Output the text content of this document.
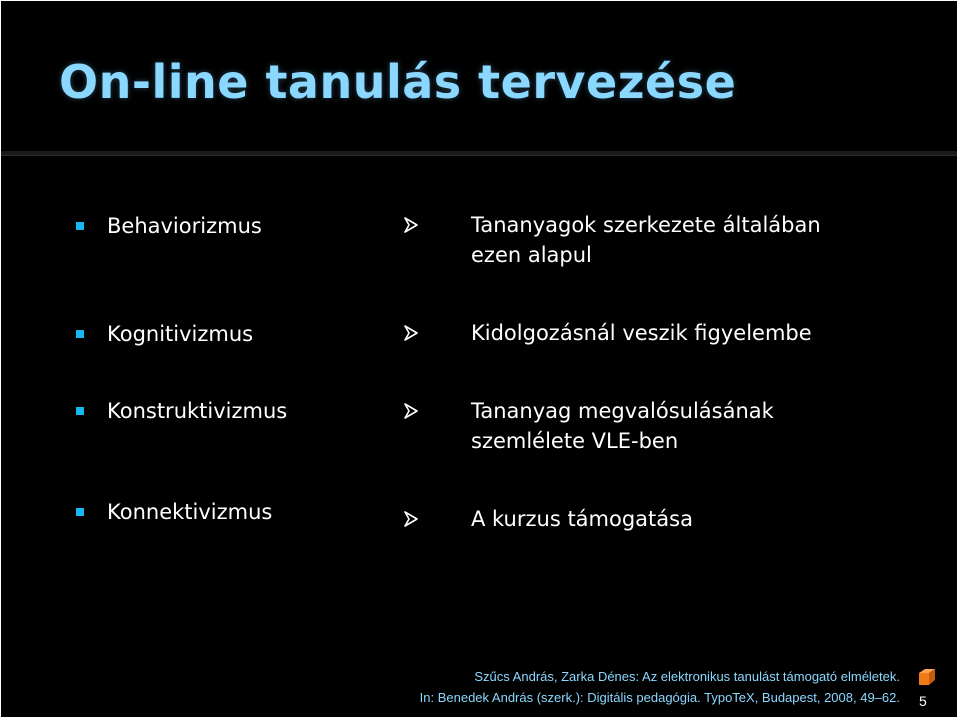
On-line tanulás tervezése
Behaviorizmus
Kognitivizmus
Konstruktivizmus
Konnektivizmus
Tananyagok szerkezete általában
ezen alapul
Kidolgozásnál veszik figyelembe
Tananyag megvalósulásának
szemlélete VLE-ben
A kurzus támogatása
Szűcs András, Zarka Dénes: Az elektronikus tanulást támogató elméletek.
In: Benedek András (szerk.): Digitális pedagógia. TypoTeX, Budapest, 2008, 49–62. 5
